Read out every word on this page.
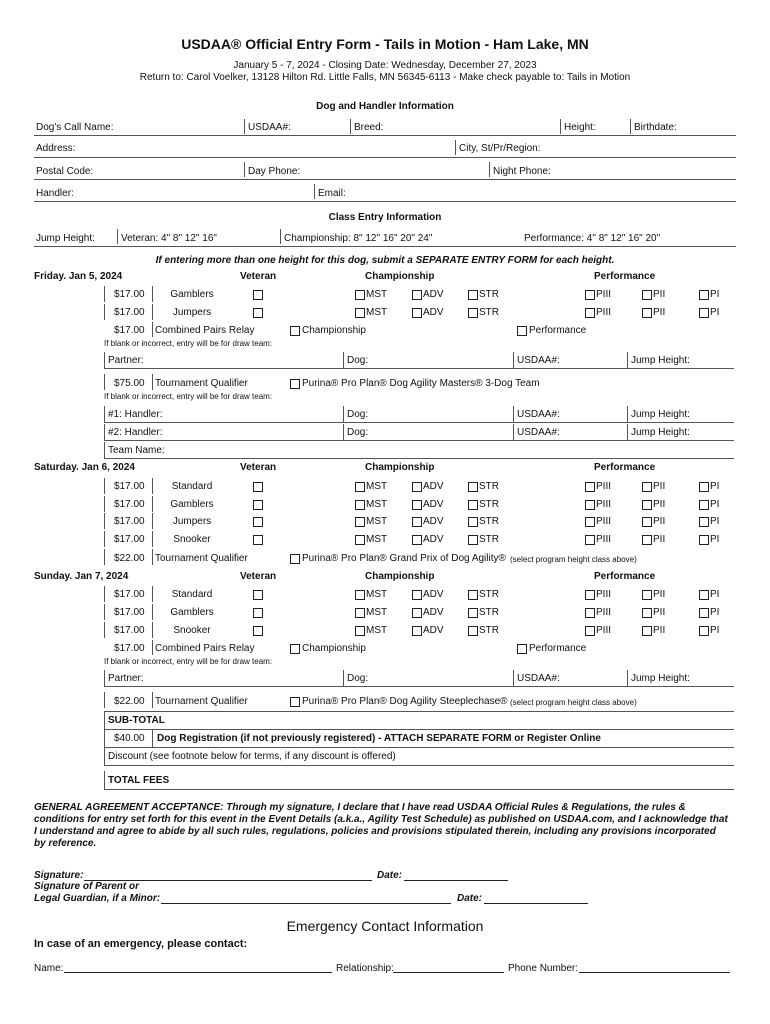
USDAA® Official Entry Form - Tails in Motion - Ham Lake, MN
January 5 - 7, 2024 - Closing Date: Wednesday, December 27, 2023
Return to: Carol Voelker, 13128 Hilton Rd. Little Falls, MN 56345-6113 - Make check payable to: Tails in Motion
Dog and Handler Information
Dog's Call Name:	USDAA#:	Breed:	Height:	Birthdate:
Address:	City, St/Pr/Region:
Postal Code:	Day Phone:	Night Phone:
Handler:	Email:
Class Entry Information
Jump Height:	Veteran: 4" 8" 12" 16"	Championship: 8" 12" 16" 20" 24"	Performance: 4" 8" 12" 16" 20"
If entering more than one height for this dog, submit a SEPARATE ENTRY FORM for each height.
Friday. Jan 5, 2024	Veteran	Championship	Performance
$17.00	Gamblers	MST	ADV	STR	PIII	PII	PI
$17.00	Jumpers	MST	ADV	STR	PIII	PII	PI
$17.00 Combined Pairs Relay	Championship	Performance
If blank or incorrect, entry will be for draw team:
Partner:	Dog:	USDAA#:	Jump Height:
$75.00 Tournament Qualifier	Purina® Pro Plan® Dog Agility Masters® 3-Dog Team
If blank or incorrect, entry will be for draw team:
#1: Handler:	Dog:	USDAA#:	Jump Height:
#2: Handler:	Dog:	USDAA#:	Jump Height:
Team Name:
Saturday. Jan 6, 2024	Veteran	Championship	Performance
$17.00	Standard	MST	ADV	STR	PIII	PII	PI
$17.00	Gamblers	MST	ADV	STR	PIII	PII	PI
$17.00	Jumpers	MST	ADV	STR	PIII	PII	PI
$17.00	Snooker	MST	ADV	STR	PIII	PII	PI
$22.00 Tournament Qualifier	Purina® Pro Plan® Grand Prix of Dog Agility® (select program height class above)
Sunday. Jan 7, 2024	Veteran	Championship	Performance
$17.00	Standard	MST	ADV	STR	PIII	PII	PI
$17.00	Gamblers	MST	ADV	STR	PIII	PII	PI
$17.00	Snooker	MST	ADV	STR	PIII	PII	PI
$17.00 Combined Pairs Relay	Championship	Performance
If blank or incorrect, entry will be for draw team:
Partner:	Dog:	USDAA#:	Jump Height:
$22.00 Tournament Qualifier	Purina® Pro Plan® Dog Agility Steeplechase® (select program height class above)
SUB-TOTAL
$40.00 Dog Registration (if not previously registered) - ATTACH SEPARATE FORM or Register Online
Discount (see footnote below for terms, if any discount is offered)
TOTAL FEES
GENERAL AGREEMENT ACCEPTANCE: Through my signature, I declare that I have read USDAA Official Rules & Regulations, the rules &
conditions for entry set forth for this event in the Event Details (a.k.a., Agility Test Schedule) as published on USDAA.com, and I acknowledge that
I understand and agree to abide by all such rules, regulations, policies and provisions stipulated therein, including any provisions incorporated
by reference.
Signature:	Date:
Signature of Parent or
Legal Guardian, if a Minor:	Date:
Emergency Contact Information
In case of an emergency, please contact:
Name:	Relationship:	Phone Number:
